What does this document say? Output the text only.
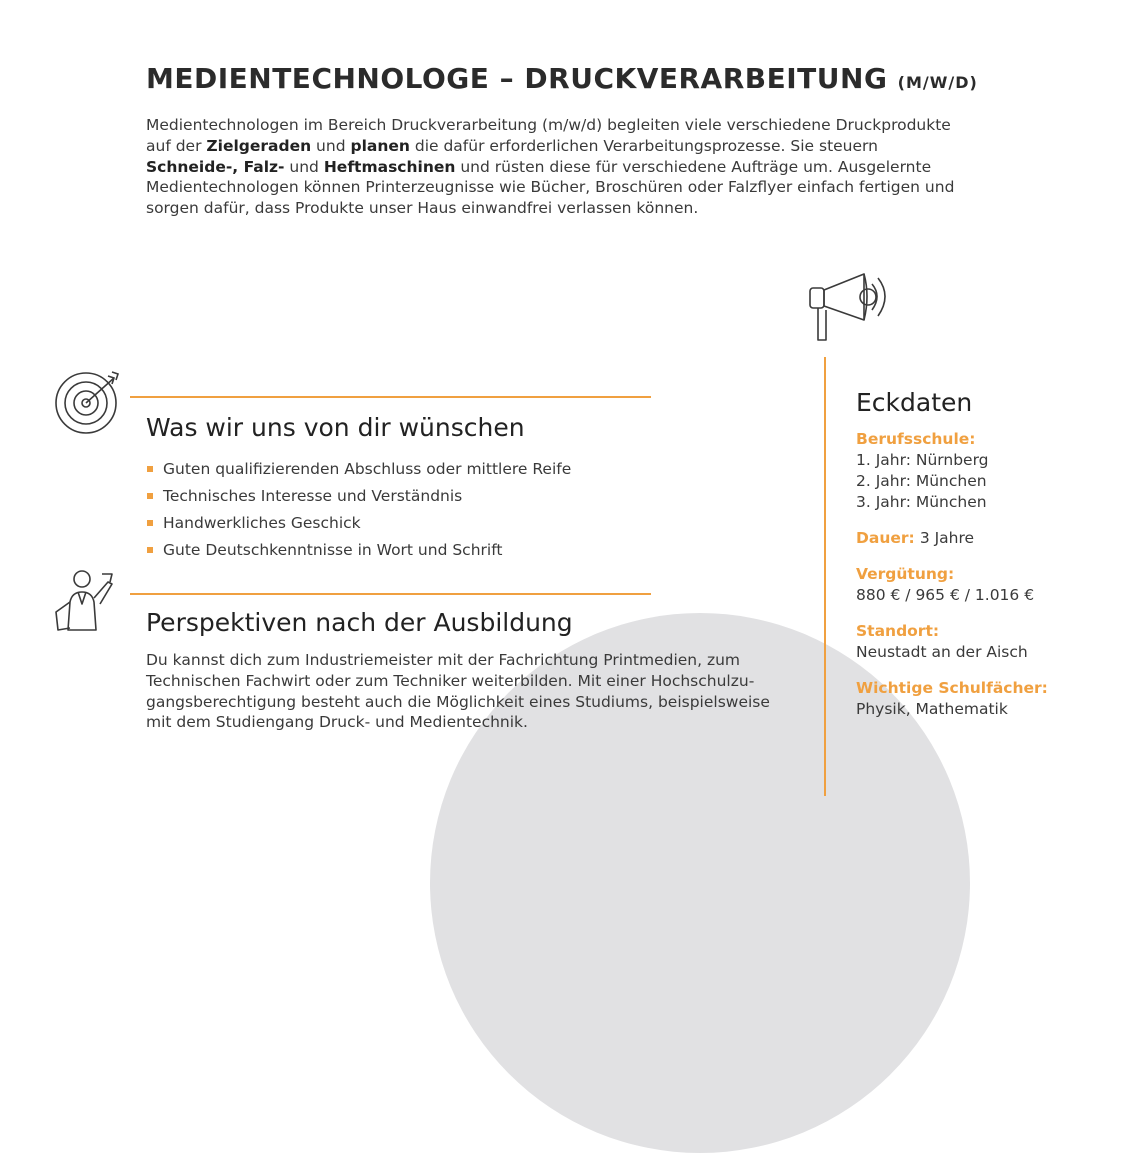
MEDIENTECHNOLOGE – DRUCKVERARBEITUNG (M/W/D)

Medientechnologen im Bereich Druckverarbeitung (m/w/d) begleiten viele verschiedene Druckprodukte auf der Zielgeraden und planen die dafür erforderlichen Verarbeitungsprozesse. Sie steuern Schneide-, Falz- und Heftmaschinen und rüsten diese für verschiedene Aufträge um. Ausgelernte Medientechnologen können Printerzeugnisse wie Bücher, Broschüren oder Falzflyer einfach fertigen und sorgen dafür, dass Produkte unser Haus einwandfrei verlassen können.

Was wir uns von dir wünschen
Guten qualifizierenden Abschluss oder mittlere Reife
Technisches Interesse und Verständnis
Handwerkliches Geschick
Gute Deutschkenntnisse in Wort und Schrift
Perspektiven nach der Ausbildung

Du kannst dich zum Industriemeister mit der Fachrichtung Printmedien, zum Technischen Fachwirt oder zum Techniker weiterbilden. Mit einer Hochschulzugangsberechtigung besteht auch die Möglichkeit eines Studiums, beispielsweise mit dem Studiengang Druck- und Medientechnik.

Eckdaten
Berufsschule:
1. Jahr: Nürnberg
2. Jahr: München
3. Jahr: München
Dauer: 3 Jahre
Vergütung:
880 € / 965 € / 1.016 €
Standort:
Neustadt an der Aisch
Wichtige Schulfächer:
Physik, Mathematik
